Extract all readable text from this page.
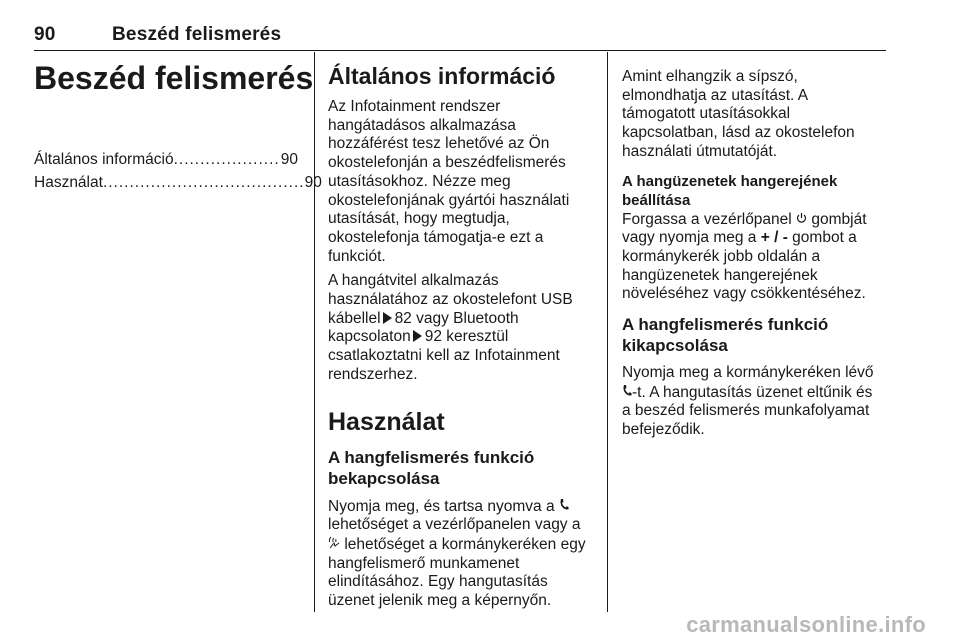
90	Beszéd felismerés
Beszéd felismerés
Általános információ .................... 90
Használat ...................................... 90
Általános információ

Az Infotainment rendszer
hangátadásos alkalmazása
hozzáférést tesz lehetővé az Ön
okostelefonján a beszédfelismerés
utasításokhoz. Nézze meg
okostelefonjának gyártói használati
utasítását, hogy megtudja,
okostelefonja támogatja-e ezt a
funkciót.

A hangátvitel alkalmazás
használatához az okostelefont USB
kábellel 82 vagy Bluetooth
kapcsolaton 92 keresztül
csatlakoztatni kell az Infotainment
rendszerhez.

Használat
A hangfelismerés funkció
bekapcsolása

Nyomja meg, és tartsa nyomva a
lehetőséget a vezérlőpanelen vagy a
lehetőséget a kormánykeréken egy
hangfelismerő munkamenet
elindításához. Egy hangutasítás
üzenet jelenik meg a képernyőn.

Amint elhangzik a sípszó,
elmondhatja az utasítást. A
támogatott utasításokkal
kapcsolatban, lásd az okostelefon
használati útmutatóját.

A hangüzenetek hangerejének
beállítása

Forgassa a vezérlőpanel gombját
vagy nyomja meg a + / - gombot a
kormánykerék jobb oldalán a
hangüzenetek hangerejének
növeléséhez vagy csökkentéséhez.

A hangfelismerés funkció
kikapcsolása

Nyomja meg a kormánykeréken lévő
-t. A hangutasítás üzenet eltűnik és
a beszéd felismerés munkafolyamat
befejeződik.

carmanualsonline.info
